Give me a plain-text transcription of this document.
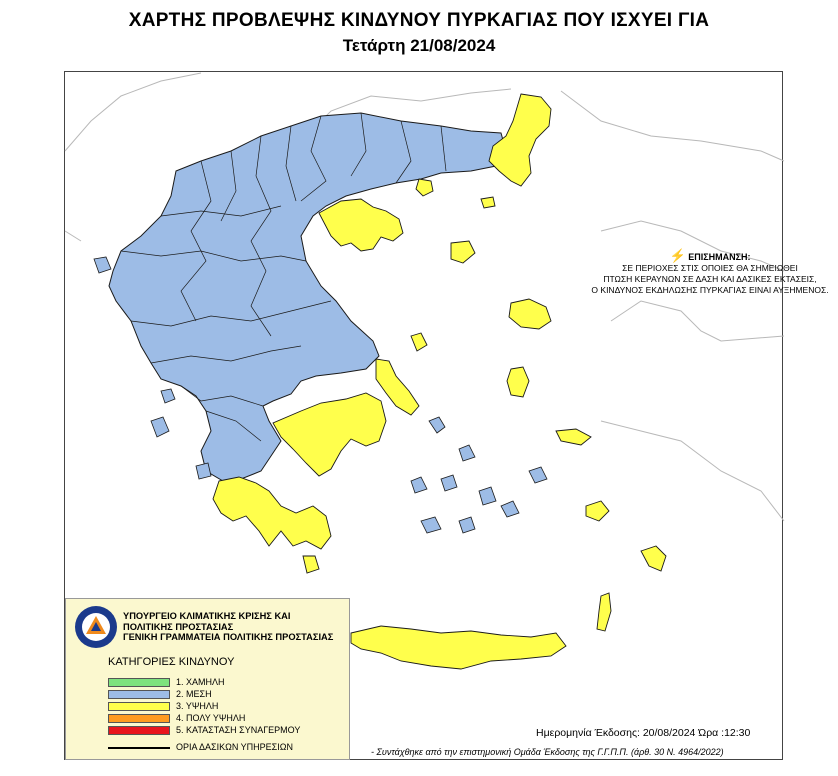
ΧΑΡΤΗΣ ΠΡΟΒΛΕΨΗΣ ΚΙΝΔΥΝΟΥ ΠΥΡΚΑΓΙΑΣ ΠΟΥ ΙΣΧΥΕΙ ΓΙΑ
Τετάρτη 21/08/2024
⚡ ΕΠΙΣΗΜΑΝΣΗ:
ΣΕ ΠΕΡΙΟΧΕΣ ΣΤΙΣ ΟΠΟΙΕΣ ΘΑ ΣΗΜΕΙΩΘΕΙ
ΠΤΩΣΗ ΚΕΡΑΥΝΩΝ ΣΕ ΔΑΣΗ ΚΑΙ ΔΑΣΙΚΕΣ ΕΚΤΑΣΕΙΣ,
Ο ΚΙΝΔΥΝΟΣ ΕΚΔΗΛΩΣΗΣ ΠΥΡΚΑΓΙΑΣ ΕΙΝΑΙ ΑΥΞΗΜΕΝΟΣ.
Ημερομηνία Έκδοσης: 20/08/2024 Ώρα :12:30
- Συντάχθηκε από την επιστημονική Ομάδα Έκδοσης της Γ.Γ.Π.Π. (άρθ. 30 Ν. 4964/2022)
ΥΠΟΥΡΓΕΙΟ ΚΛΙΜΑΤΙΚΗΣ ΚΡΙΣΗΣ ΚΑΙ
ΠΟΛΙΤΙΚΗΣ ΠΡΟΣΤΑΣΙΑΣ
ΓΕΝΙΚΗ ΓΡΑΜΜΑΤΕΙΑ ΠΟΛΙΤΙΚΗΣ ΠΡΟΣΤΑΣΙΑΣ
ΚΑΤΗΓΟΡΙΕΣ ΚΙΝΔΥΝΟΥ
1. ΧΑΜΗΛΗ
2. ΜΕΣΗ
3. ΥΨΗΛΗ
4. ΠΟΛΥ ΥΨΗΛΗ
5. ΚΑΤΑΣΤΑΣΗ ΣΥΝΑΓΕΡΜΟΥ
ΟΡΙΑ ΔΑΣΙΚΩΝ ΥΠΗΡΕΣΙΩΝ
